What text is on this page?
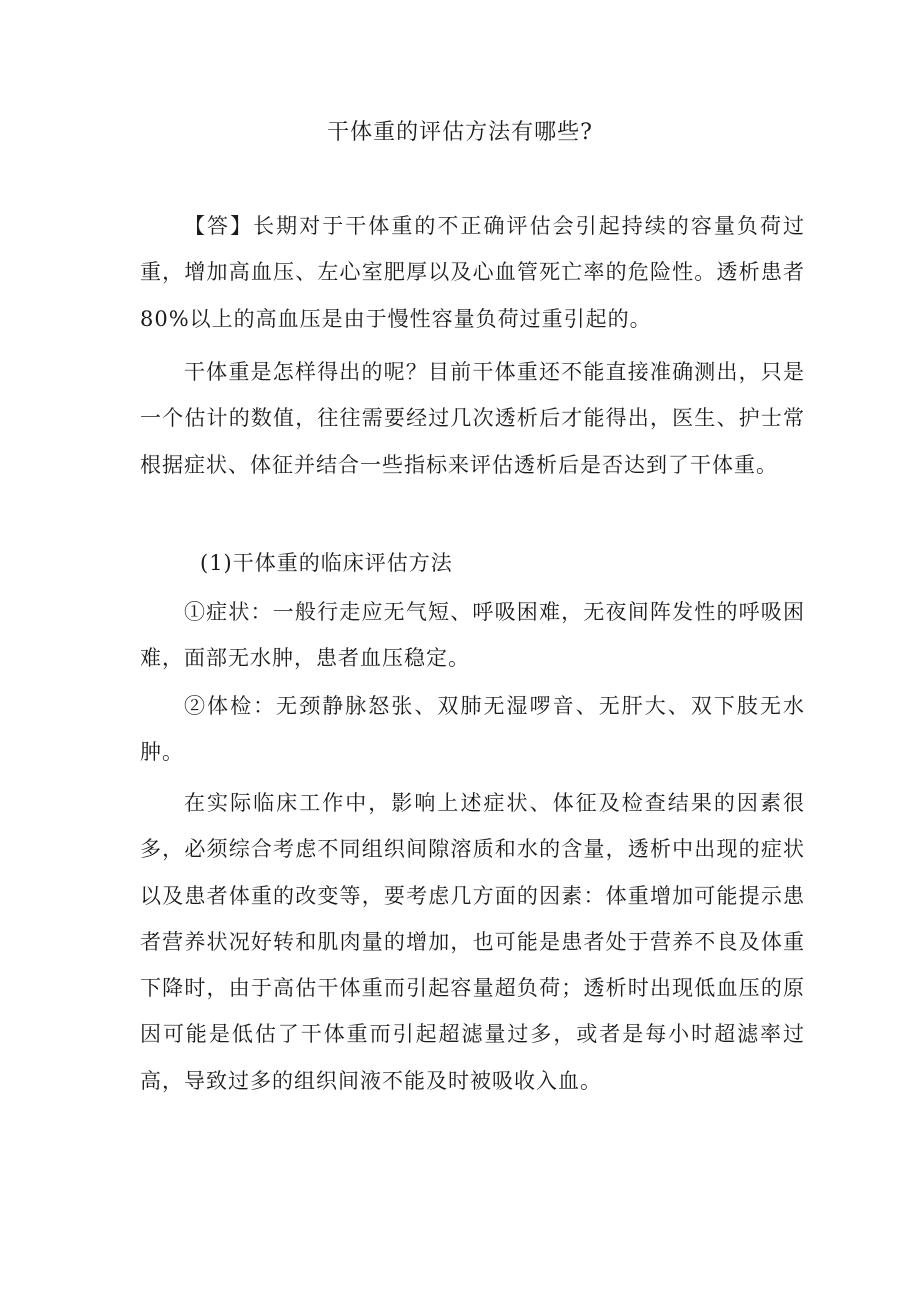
干体重的评估方法有哪些?

【答】长期对于干体重的不正确评估会引起持续的容量负荷过重，增加高血压、左心室肥厚以及心血管死亡率的危险性。透析患者80%以上的高血压是由于慢性容量负荷过重引起的。

干体重是怎样得出的呢？目前干体重还不能直接准确测出，只是一个估计的数值，往往需要经过几次透析后才能得出，医生、护士常根据症状、体征并结合一些指标来评估透析后是否达到了干体重。

(1)干体重的临床评估方法

①症状：一般行走应无气短、呼吸困难，无夜间阵发性的呼吸困难，面部无水肿，患者血压稳定。

②体检：无颈静脉怒张、双肺无湿啰音、无肝大、双下肢无水肿。

在实际临床工作中，影响上述症状、体征及检查结果的因素很多，必须综合考虑不同组织间隙溶质和水的含量，透析中出现的症状以及患者体重的改变等，要考虑几方面的因素：体重增加可能提示患者营养状况好转和肌肉量的增加，也可能是患者处于营养不良及体重下降时，由于高估干体重而引起容量超负荷；透析时出现低血压的原因可能是低估了干体重而引起超滤量过多，或者是每小时超滤率过高，导致过多的组织间液不能及时被吸收入血。
